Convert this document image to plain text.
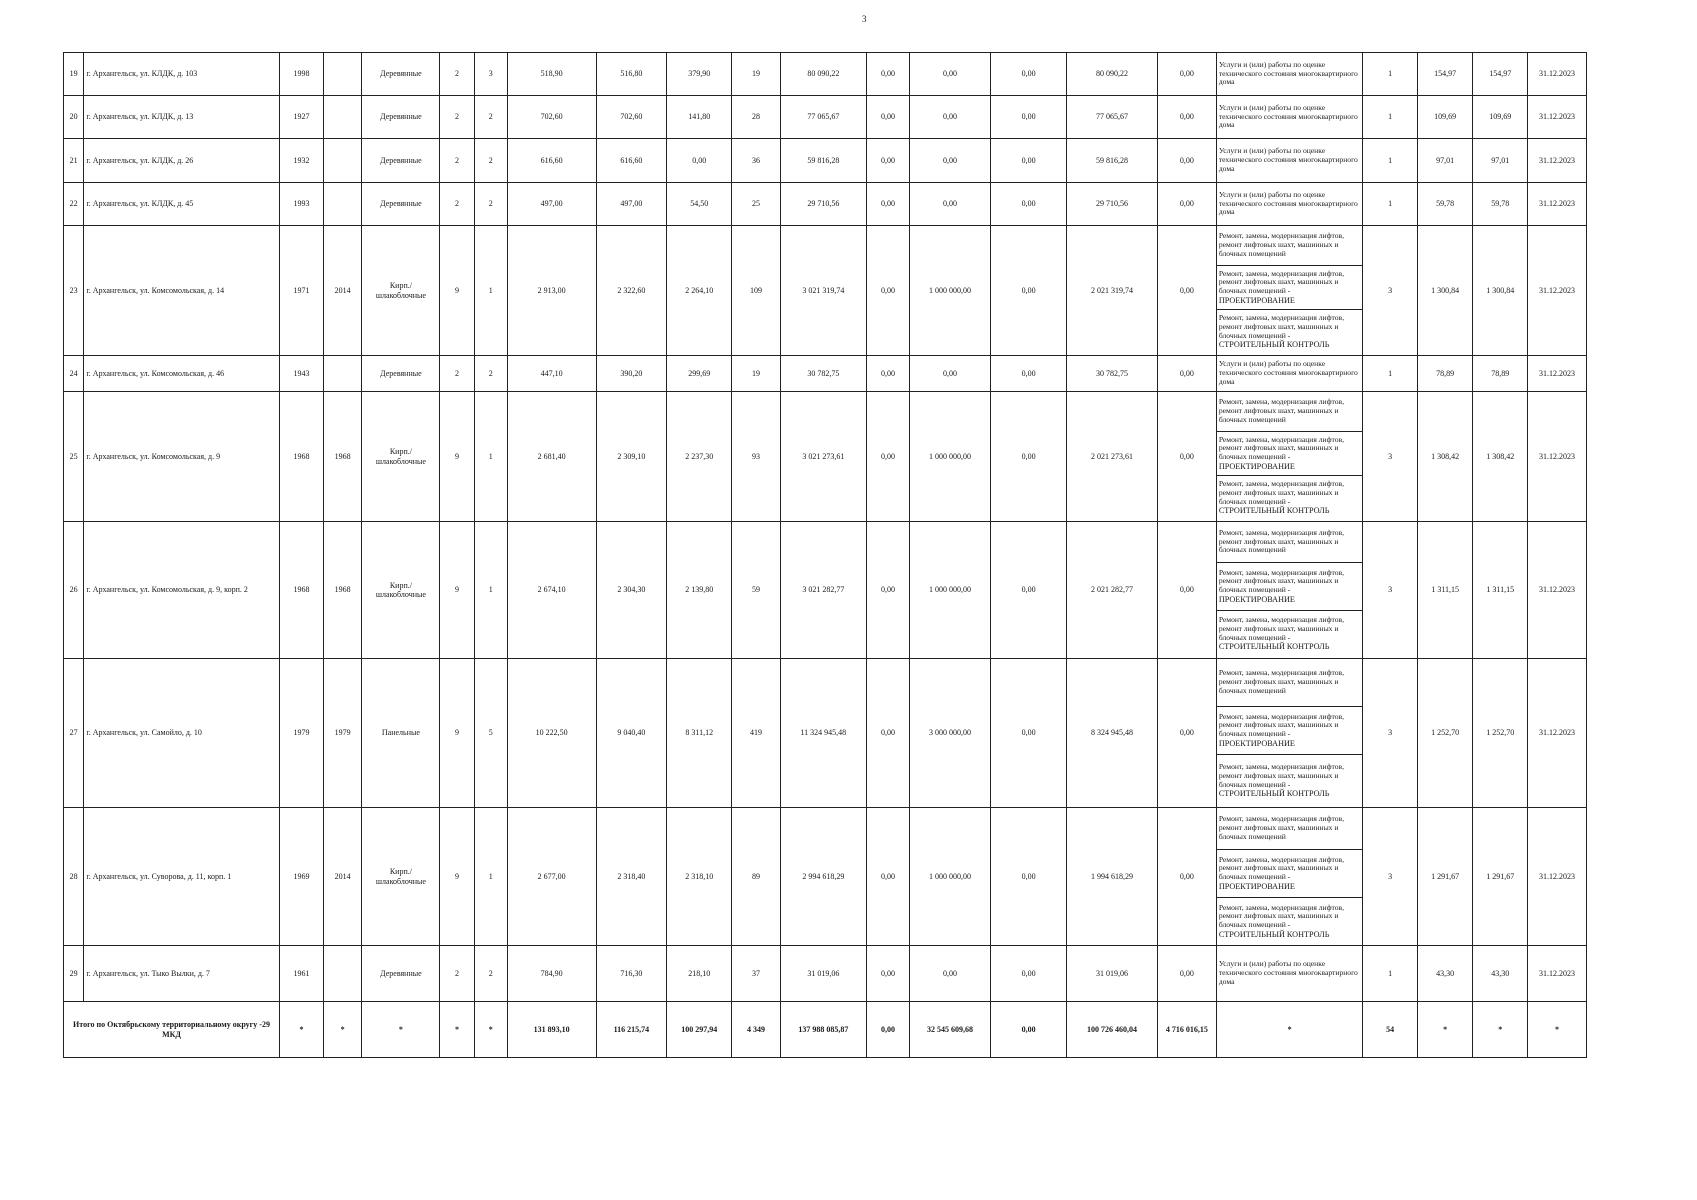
3
19	г. Архангельск, ул. КЛДК, д. 103	1998		Деревянные	2	3	518,90	516,80	379,90	19	80 090,22	0,00	0,00	0,00	80 090,22	0,00	Услуги и (или) работы по оценке технического состояния многоквартирного дома	1	154,97	154,97	31.12.2023
20	г. Архангельск, ул. КЛДК, д. 13	1927		Деревянные	2	2	702,60	702,60	141,80	28	77 065,67	0,00	0,00	0,00	77 065,67	0,00	Услуги и (или) работы по оценке технического состояния многоквартирного дома	1	109,69	109,69	31.12.2023
21	г. Архангельск, ул. КЛДК, д. 26	1932		Деревянные	2	2	616,60	616,60	0,00	36	59 816,28	0,00	0,00	0,00	59 816,28	0,00	Услуги и (или) работы по оценке технического состояния многоквартирного дома	1	97,01	97,01	31.12.2023
22	г. Архангельск, ул. КЛДК, д. 45	1993		Деревянные	2	2	497,00	497,00	54,50	25	29 710,56	0,00	0,00	0,00	29 710,56	0,00	Услуги и (или) работы по оценке технического состояния многоквартирного дома	1	59,78	59,78	31.12.2023
23	г. Архангельск, ул. Комсомольская, д. 14	1971	2014	Кирп./ шлакоблочные	9	1	2 913,00	2 322,60	2 264,10	109	3 021 319,74	0,00	1 000 000,00	0,00	2 021 319,74	0,00	Ремонт, замена, модернизация лифтов, ремонт лифтовых шахт, машинных и блочных помещений
Ремонт, замена, модернизация лифтов, ремонт лифтовых шахт, машинных и блочных помещений -
ПРОЕКТИРОВАНИЕ
Ремонт, замена, модернизация лифтов, ремонт лифтовых шахт, машинных и блочных помещений -
СТРОИТЕЛЬНЫЙ КОНТРОЛЬ	3	1 300,84	1 300,84	31.12.2023
24	г. Архангельск, ул. Комсомольская, д. 46	1943		Деревянные	2	2	447,10	390,20	299,69	19	30 782,75	0,00	0,00	0,00	30 782,75	0,00	Услуги и (или) работы по оценке технического состояния многоквартирного дома	1	78,89	78,89	31.12.2023
25	г. Архангельск, ул. Комсомольская, д. 9	1968	1968	Кирп./ шлакоблочные	9	1	2 681,40	2 309,10	2 237,30	93	3 021 273,61	0,00	1 000 000,00	0,00	2 021 273,61	0,00	Ремонт, замена, модернизация лифтов, ремонт лифтовых шахт, машинных и блочных помещений
Ремонт, замена, модернизация лифтов, ремонт лифтовых шахт, машинных и блочных помещений -
ПРОЕКТИРОВАНИЕ
Ремонт, замена, модернизация лифтов, ремонт лифтовых шахт, машинных и блочных помещений -
СТРОИТЕЛЬНЫЙ КОНТРОЛЬ	3	1 308,42	1 308,42	31.12.2023
26	г. Архангельск, ул. Комсомольская, д. 9, корп. 2	1968	1968	Кирп./ шлакоблочные	9	1	2 674,10	2 304,30	2 139,80	59	3 021 282,77	0,00	1 000 000,00	0,00	2 021 282,77	0,00	Ремонт, замена, модернизация лифтов, ремонт лифтовых шахт, машинных и блочных помещений
Ремонт, замена, модернизация лифтов, ремонт лифтовых шахт, машинных и блочных помещений -
ПРОЕКТИРОВАНИЕ
Ремонт, замена, модернизация лифтов, ремонт лифтовых шахт, машинных и блочных помещений -
СТРОИТЕЛЬНЫЙ КОНТРОЛЬ	3	1 311,15	1 311,15	31.12.2023
27	г. Архангельск, ул. Самойло, д. 10	1979	1979	Панельные	9	5	10 222,50	9 040,40	8 311,12	419	11 324 945,48	0,00	3 000 000,00	0,00	8 324 945,48	0,00	Ремонт, замена, модернизация лифтов, ремонт лифтовых шахт, машинных и блочных помещений
Ремонт, замена, модернизация лифтов, ремонт лифтовых шахт, машинных и блочных помещений -
ПРОЕКТИРОВАНИЕ
Ремонт, замена, модернизация лифтов, ремонт лифтовых шахт, машинных и блочных помещений -
СТРОИТЕЛЬНЫЙ КОНТРОЛЬ	3	1 252,70	1 252,70	31.12.2023
28	г. Архангельск, ул. Суворова, д. 11, корп. 1	1969	2014	Кирп./ шлакоблочные	9	1	2 677,00	2 318,40	2 318,10	89	2 994 618,29	0,00	1 000 000,00	0,00	1 994 618,29	0,00	Ремонт, замена, модернизация лифтов, ремонт лифтовых шахт, машинных и блочных помещений
Ремонт, замена, модернизация лифтов, ремонт лифтовых шахт, машинных и блочных помещений -
ПРОЕКТИРОВАНИЕ
Ремонт, замена, модернизация лифтов, ремонт лифтовых шахт, машинных и блочных помещений -
СТРОИТЕЛЬНЫЙ КОНТРОЛЬ	3	1 291,67	1 291,67	31.12.2023
29	г. Архангельск, ул. Тыко Вылки, д. 7	1961		Деревянные	2	2	784,90	716,30	218,10	37	31 019,06	0,00	0,00	0,00	31 019,06	0,00	Услуги и (или) работы по оценке технического состояния многоквартирного дома	1	43,30	43,30	31.12.2023
Итого по Октябрьскому территориальному округу -29 МКД		*	*	*	*	*	131 893,10	116 215,74	100 297,94	4 349	137 988 085,87	0,00	32 545 609,68	0,00	100 726 460,04	4 716 016,15	*	54	*	*	*
